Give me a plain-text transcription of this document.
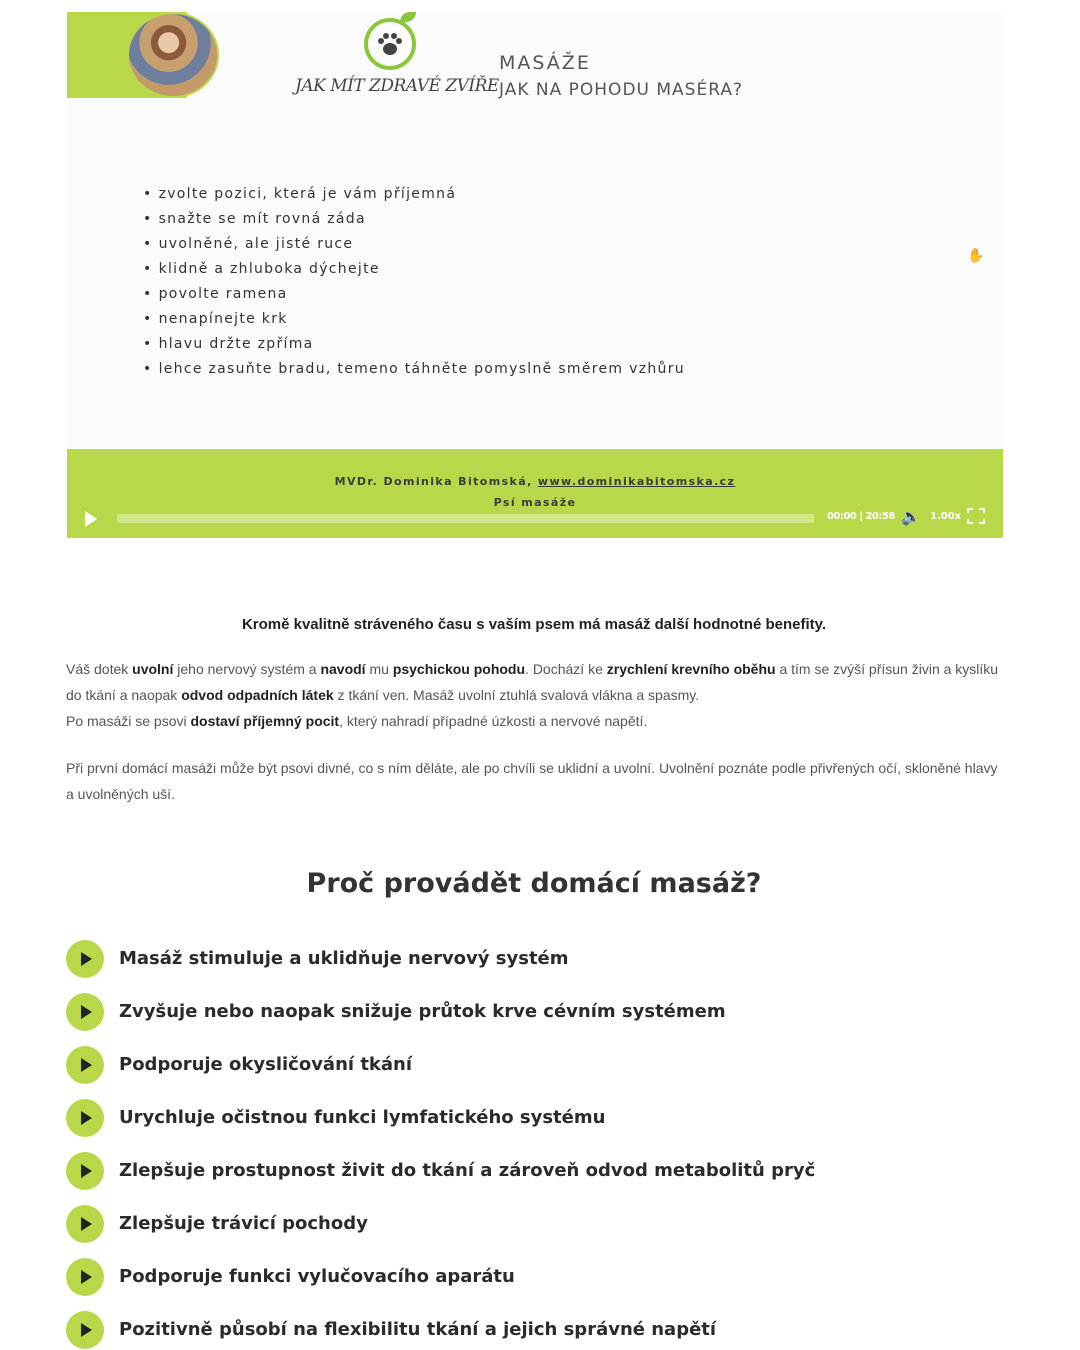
JAK MÍT ZDRAVÉ ZVÍŘE
MASÁŽE
JAK NA POHODU MASÉRA?
• zvolte pozici, která je vám příjemná
• snažte se mít rovná záda
• uvolněné, ale jisté ruce
• klidně a zhluboka dýchejte
• povolte ramena
• nenapínejte krk
• hlavu držte zpříma
• lehce zasuňte bradu, temeno táhněte pomyslně směrem vzhůru
✋
MVDr. Dominika Bitomská, www.dominikabitomska.cz
Psí masáže
00:00 | 20:58 🔈 1.00x
Kromě kvalitně stráveného času s vaším psem má masáž další hodnotné benefity.
Váš dotek uvolní jeho nervový systém a navodí mu psychickou pohodu. Dochází ke zrychlení krevního oběhu a tím se zvýší přísun živin a kyslíku do tkání a naopak odvod odpadních látek z tkání ven. Masáž uvolní ztuhlá svalová vlákna a spasmy.
Po masáži se psovi dostaví příjemný pocit, který nahradí případné úzkosti a nervové napětí.
Při první domácí masáži může být psovi divné, co s ním děláte, ale po chvíli se uklidní a uvolní. Uvolnění poznáte podle přivřených očí, skloněné hlavy a uvolněných uší.
Proč provádět domácí masáž?
Masáž stimuluje a uklidňuje nervový systém
Zvyšuje nebo naopak snižuje průtok krve cévním systémem
Podporuje okysličování tkání
Urychluje očistnou funkci lymfatického systému
Zlepšuje prostupnost živit do tkání a zároveň odvod metabolitů pryč
Zlepšuje trávicí pochody
Podporuje funkci vylučovacího aparátu
Pozitivně působí na flexibilitu tkání a jejich správné napětí
